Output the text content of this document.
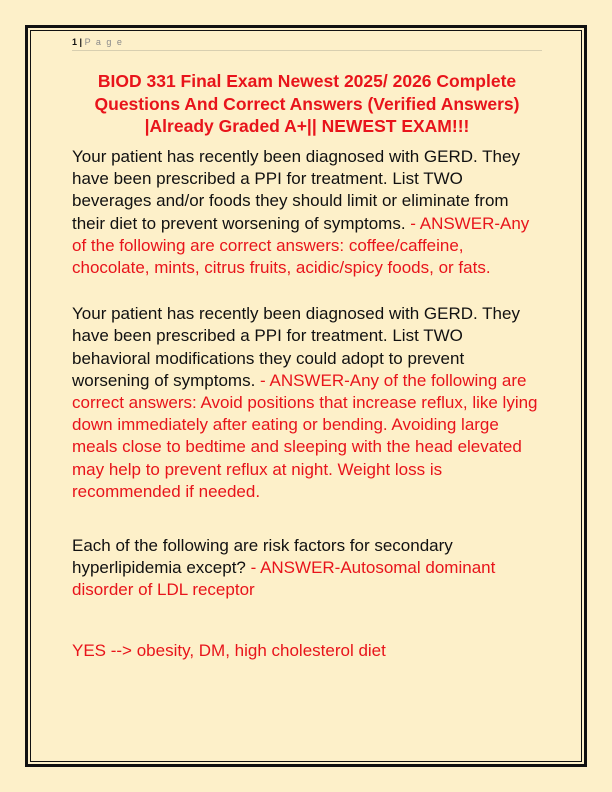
1 | P a g e
BIOD 331 Final Exam Newest 2025/ 2026 Complete Questions And Correct Answers (Verified Answers) |Already Graded A+|| NEWEST EXAM!!!

Your patient has recently been diagnosed with GERD. They have been prescribed a PPI for treatment. List TWO beverages and/or foods they should limit or eliminate from their diet to prevent worsening of symptoms. - ANSWER-Any of the following are correct answers: coffee/caffeine, chocolate, mints, citrus fruits, acidic/spicy foods, or fats.

Your patient has recently been diagnosed with GERD. They have been prescribed a PPI for treatment. List TWO behavioral modifications they could adopt to prevent worsening of symptoms. - ANSWER-Any of the following are correct answers: Avoid positions that increase reflux, like lying down immediately after eating or bending. Avoiding large meals close to bedtime and sleeping with the head elevated may help to prevent reflux at night. Weight loss is recommended if needed.

Each of the following are risk factors for secondary hyperlipidemia except? - ANSWER-Autosomal dominant disorder of LDL receptor

YES --> obesity, DM, high cholesterol diet
